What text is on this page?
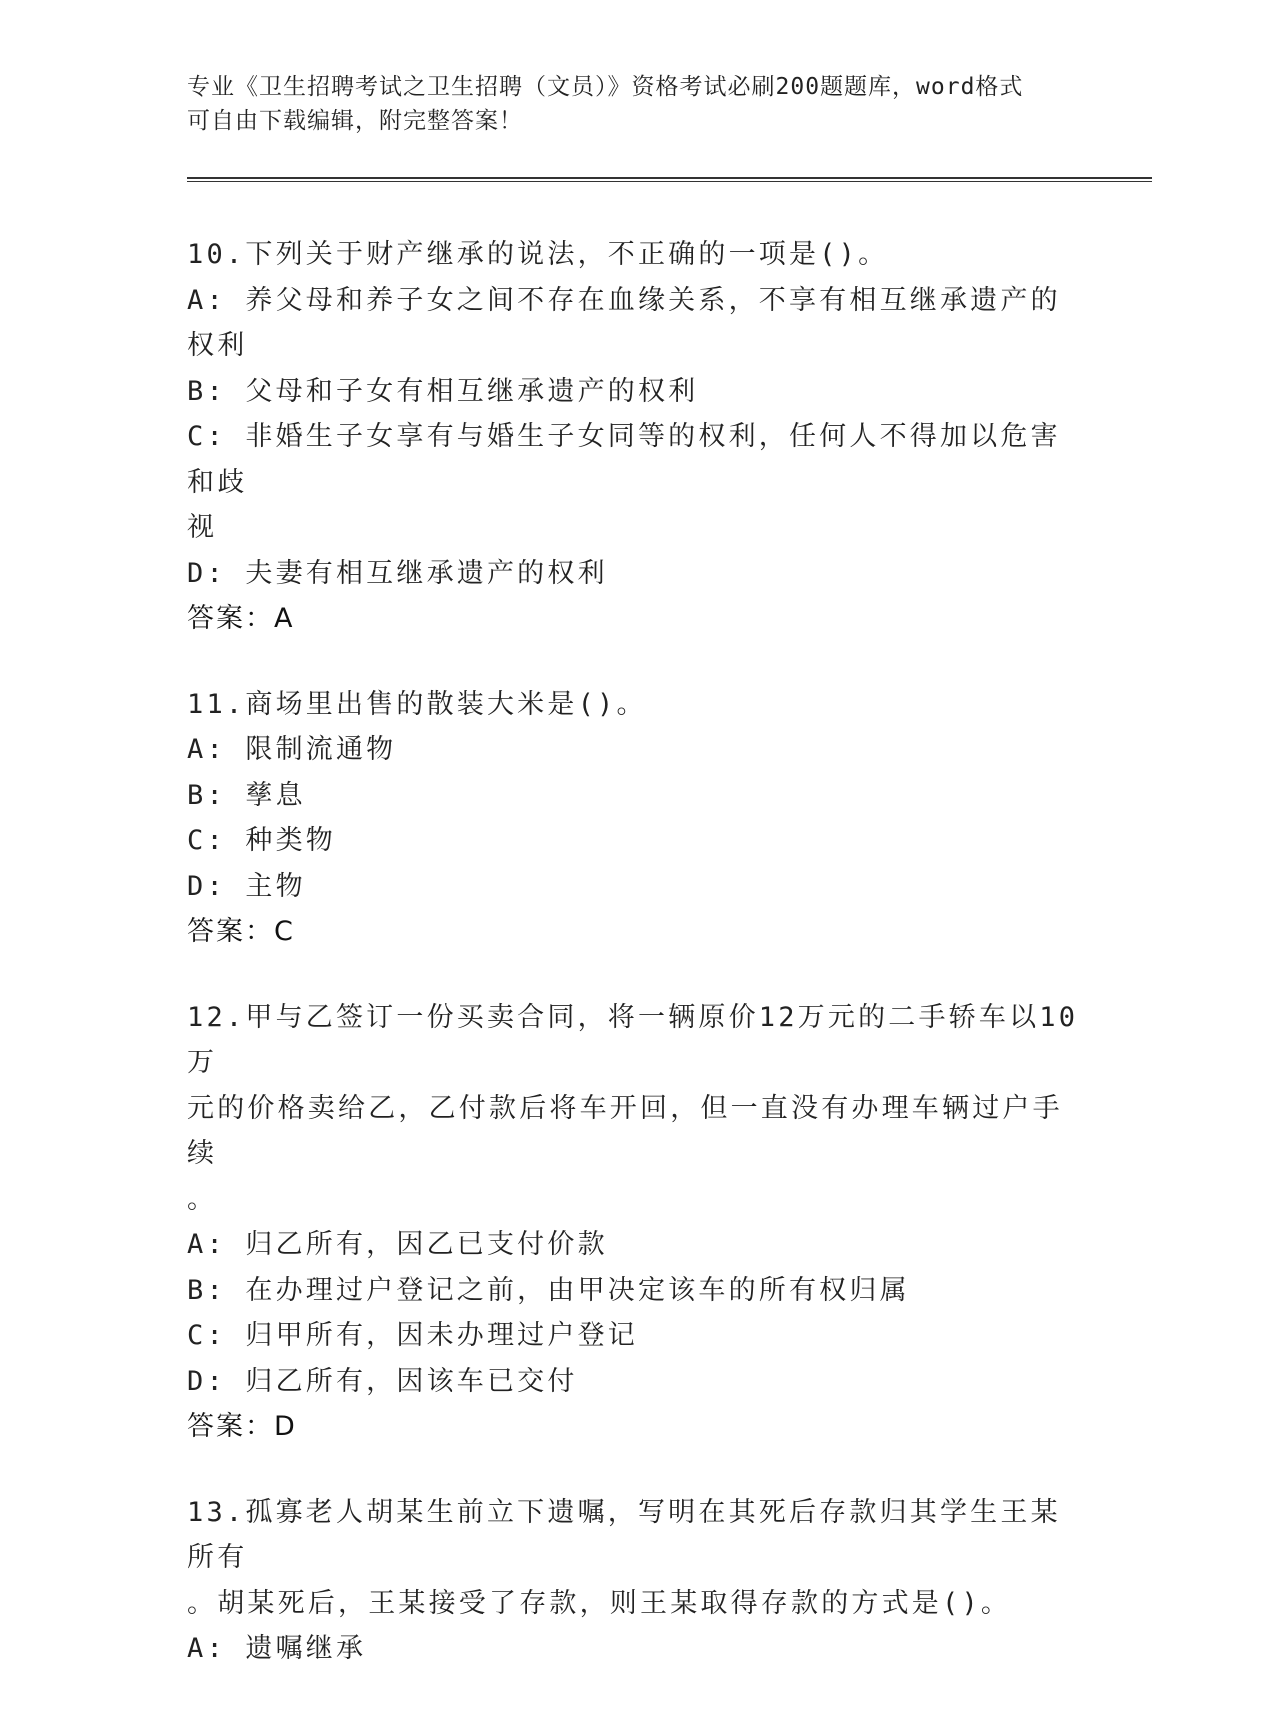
专业《卫生招聘考试之卫生招聘（文员）》资格考试必刷200题题库，word格式
可自由下载编辑，附完整答案！
10.下列关于财产继承的说法，不正确的一项是()。
A: 养父母和养子女之间不存在血缘关系，不享有相互继承遗产的权利
B: 父母和子女有相互继承遗产的权利
C: 非婚生子女享有与婚生子女同等的权利，任何人不得加以危害和歧
视
D: 夫妻有相互继承遗产的权利
答案：A
11.商场里出售的散装大米是()。
A: 限制流通物
B: 孳息
C: 种类物
D: 主物
答案：C
12.甲与乙签订一份买卖合同，将一辆原价12万元的二手轿车以10万
元的价格卖给乙，乙付款后将车开回，但一直没有办理车辆过户手续
。
A: 归乙所有，因乙已支付价款
B: 在办理过户登记之前，由甲决定该车的所有权归属
C: 归甲所有，因未办理过户登记
D: 归乙所有，因该车已交付
答案：D
13.孤寡老人胡某生前立下遗嘱，写明在其死后存款归其学生王某所有
。胡某死后，王某接受了存款，则王某取得存款的方式是()。
A: 遗嘱继承
